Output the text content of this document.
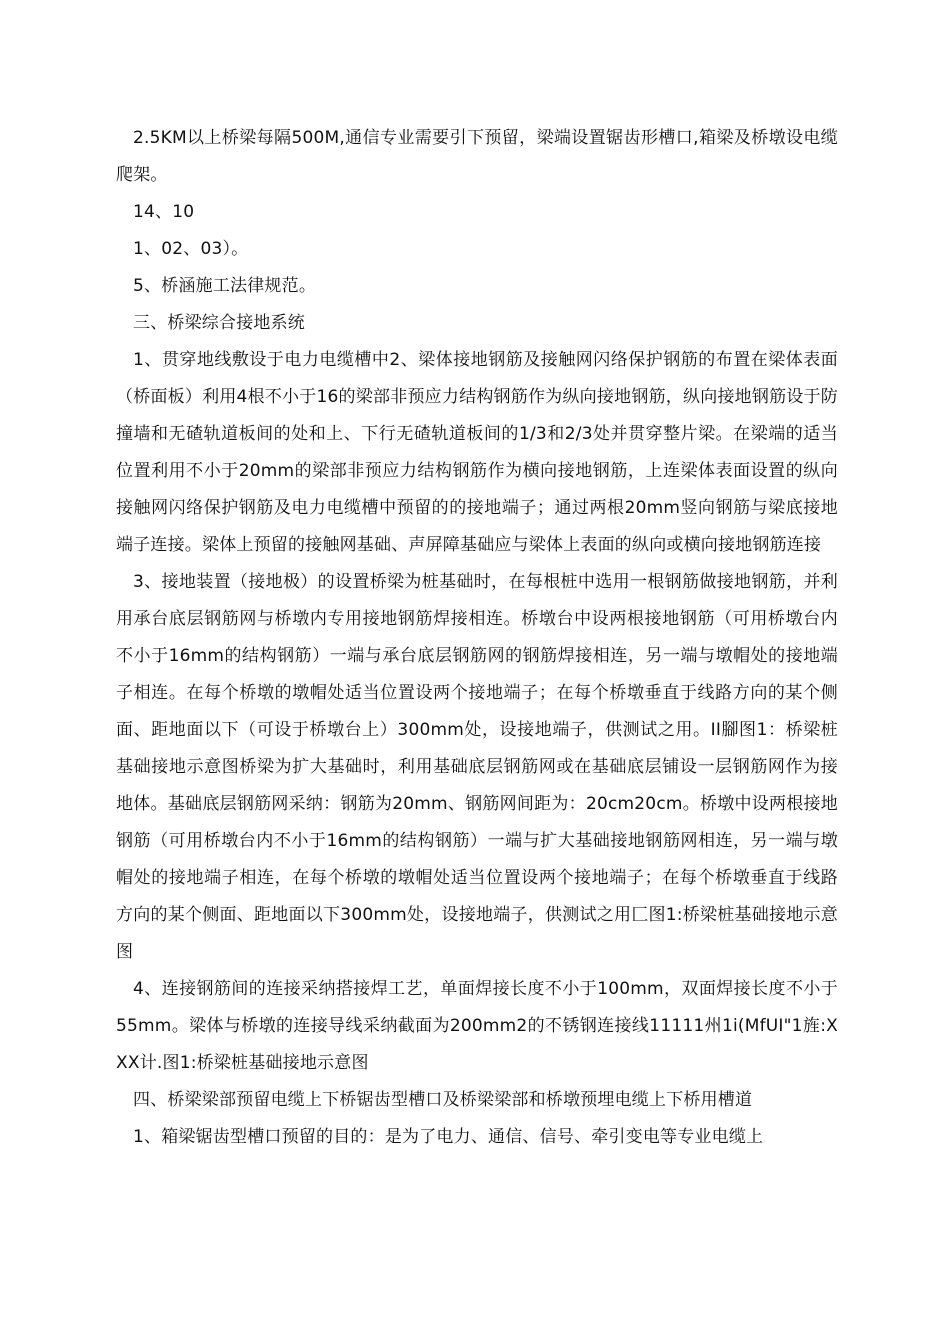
2.5KM以上桥梁每隔500M,通信专业需要引下预留，梁端设置锯齿形槽口,箱梁及桥墩设电缆爬架。

14、10

1、02、03）。

5、桥涵施工法律规范。

三、桥梁综合接地系统

1、贯穿地线敷设于电力电缆槽中2、梁体接地钢筋及接触网闪络保护钢筋的布置在梁体表面（桥面板）利用4根不小于16的梁部非预应力结构钢筋作为纵向接地钢筋，纵向接地钢筋设于防撞墙和无碴轨道板间的处和上、下行无碴轨道板间的1/3和2/3处并贯穿整片梁。在梁端的适当位置利用不小于20mm的梁部非预应力结构钢筋作为横向接地钢筋，上连梁体表面设置的纵向接触网闪络保护钢筋及电力电缆槽中预留的的接地端子；通过两根20mm竖向钢筋与梁底接地端子连接。梁体上预留的接触网基础、声屏障基础应与梁体上表面的纵向或横向接地钢筋连接

3、接地装置（接地极）的设置桥梁为桩基础时，在每根桩中选用一根钢筋做接地钢筋，并利用承台底层钢筋网与桥墩内专用接地钢筋焊接相连。桥墩台中设两根接地钢筋（可用桥墩台内不小于16mm的结构钢筋）一端与承台底层钢筋网的钢筋焊接相连，另一端与墩帽处的接地端子相连。在每个桥墩的墩帽处适当位置设两个接地端子；在每个桥墩垂直于线路方向的某个侧面、距地面以下（可设于桥墩台上）300mm处，设接地端子，供测试之用。II腳图1：桥梁桩基础接地示意图桥梁为扩大基础时，利用基础底层钢筋网或在基础底层铺设一层钢筋网作为接地体。基础底层钢筋网采纳：钢筋为20mm、钢筋网间距为：20cm20cm。桥墩中设两根接地钢筋（可用桥墩台内不小于16mm的结构钢筋）一端与扩大基础接地钢筋网相连，另一端与墩帽处的接地端子相连，在每个桥墩的墩帽处适当位置设两个接地端子；在每个桥墩垂直于线路方向的某个侧面、距地面以下300mm处，设接地端子，供测试之用匚图1:桥梁桩基础接地示意图

4、连接钢筋间的连接采纳搭接焊工艺，单面焊接长度不小于100mm，双面焊接长度不小于55mm。梁体与桥墩的连接导线采纳截面为200mm2的不锈钢连接线11111州1i(MfUI"1旌:XXX计.图1:桥梁桩基础接地示意图

四、桥梁梁部预留电缆上下桥锯齿型槽口及桥梁梁部和桥墩预埋电缆上下桥用槽道

1、箱梁锯齿型槽口预留的目的：是为了电力、通信、信号、牵引变电等专业电缆上
